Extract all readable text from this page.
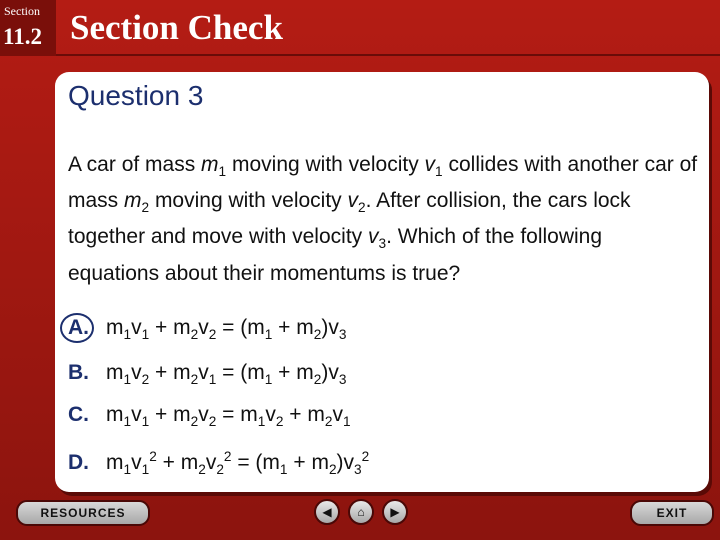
Section
11.2 Section Check
Question 3
A car of mass $m_1$ moving with velocity $v_1$ collides with another car of mass $m_2$ moving with velocity $v_2$. After collision, the cars lock together and move with velocity $v_3$. Which of the following equations about their momentums is true?
A. $m_1v_1 + m_2v_2 = (m_1 + m_2)v_3$
B. $m_1v_2 + m_2v_1 = (m_1 + m_2)v_3$
C. $m_1v_1 + m_2v_2 = m_1v_2 + m_2v_1$
D. $m_1v_1^2 + m_2v_2^2 = (m_1 + m_2)v_3^2$
RESOURCES	◀	⌂	▶	EXIT
